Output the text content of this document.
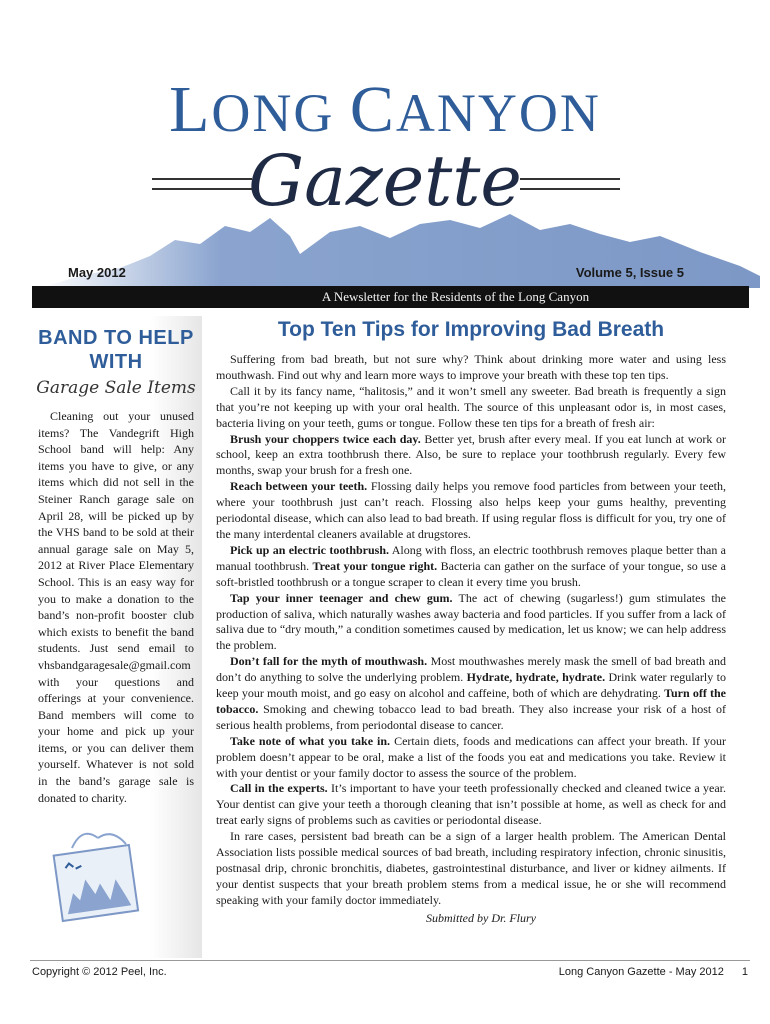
LONG CANYON
Gazette
May 2012	Volume 5, Issue 5
A Newsletter for the Residents of the Long Canyon
BAND TO HELP WITH
Garage Sale Items
Cleaning out your unused items? The Vandegrift High School band will help: Any items you have to give, or any items which did not sell in the Steiner Ranch garage sale on April 28, will be picked up by the VHS band to be sold at their annual garage sale on May 5, 2012 at River Place Elementary School. This is an easy way for you to make a donation to the band’s non-profit booster club which exists to benefit the band students. Just send email to vhsbandgaragesale@gmail.com with your questions and offerings at your convenience. Band members will come to your home and pick up your items, or you can deliver them yourself. Whatever is not sold in the band’s garage sale is donated to charity.
Top Ten Tips for Improving Bad Breath

Suffering from bad breath, but not sure why? Think about drinking more water and using less mouthwash. Find out why and learn more ways to improve your breath with these top ten tips.

Call it by its fancy name, “halitosis,” and it won’t smell any sweeter. Bad breath is frequently a sign that you’re not keeping up with your oral health. The source of this unpleasant odor is, in most cases, bacteria living on your teeth, gums or tongue. Follow these ten tips for a breath of fresh air:

Brush your choppers twice each day. Better yet, brush after every meal. If you eat lunch at work or school, keep an extra toothbrush there. Also, be sure to replace your toothbrush regularly. Every few months, swap your brush for a fresh one.

Reach between your teeth. Flossing daily helps you remove food particles from between your teeth, where your toothbrush just can’t reach. Flossing also helps keep your gums healthy, preventing periodontal disease, which can also lead to bad breath. If using regular floss is difficult for you, try one of the many interdental cleaners available at drugstores.

Pick up an electric toothbrush. Along with floss, an electric toothbrush removes plaque better than a manual toothbrush. Treat your tongue right. Bacteria can gather on the surface of your tongue, so use a soft-bristled toothbrush or a tongue scraper to clean it every time you brush.

Tap your inner teenager and chew gum. The act of chewing (sugarless!) gum stimulates the production of saliva, which naturally washes away bacteria and food particles. If you suffer from a lack of saliva due to “dry mouth,” a condition sometimes caused by medication, let us know; we can help address the problem.

Don’t fall for the myth of mouthwash. Most mouthwashes merely mask the smell of bad breath and don’t do anything to solve the underlying problem. Hydrate, hydrate, hydrate. Drink water regularly to keep your mouth moist, and go easy on alcohol and caffeine, both of which are dehydrating. Turn off the tobacco. Smoking and chewing tobacco lead to bad breath. They also increase your risk of a host of serious health problems, from periodontal disease to cancer.

Take note of what you take in. Certain diets, foods and medications can affect your breath. If your problem doesn’t appear to be oral, make a list of the foods you eat and medications you take. Review it with your dentist or your family doctor to assess the source of the problem.

Call in the experts. It’s important to have your teeth professionally checked and cleaned twice a year. Your dentist can give your teeth a thorough cleaning that isn’t possible at home, as well as check for and treat early signs of problems such as cavities or periodontal disease.

In rare cases, persistent bad breath can be a sign of a larger health problem. The American Dental Association lists possible medical sources of bad breath, including respiratory infection, chronic sinusitis, postnasal drip, chronic bronchitis, diabetes, gastrointestinal disturbance, and liver or kidney ailments. If your dentist suspects that your breath problem stems from a medical issue, he or she will recommend speaking with your family doctor immediately.

Submitted by Dr. Flury
Copyright © 2012 Peel, Inc.	Long Canyon Gazette - May 2012 1
